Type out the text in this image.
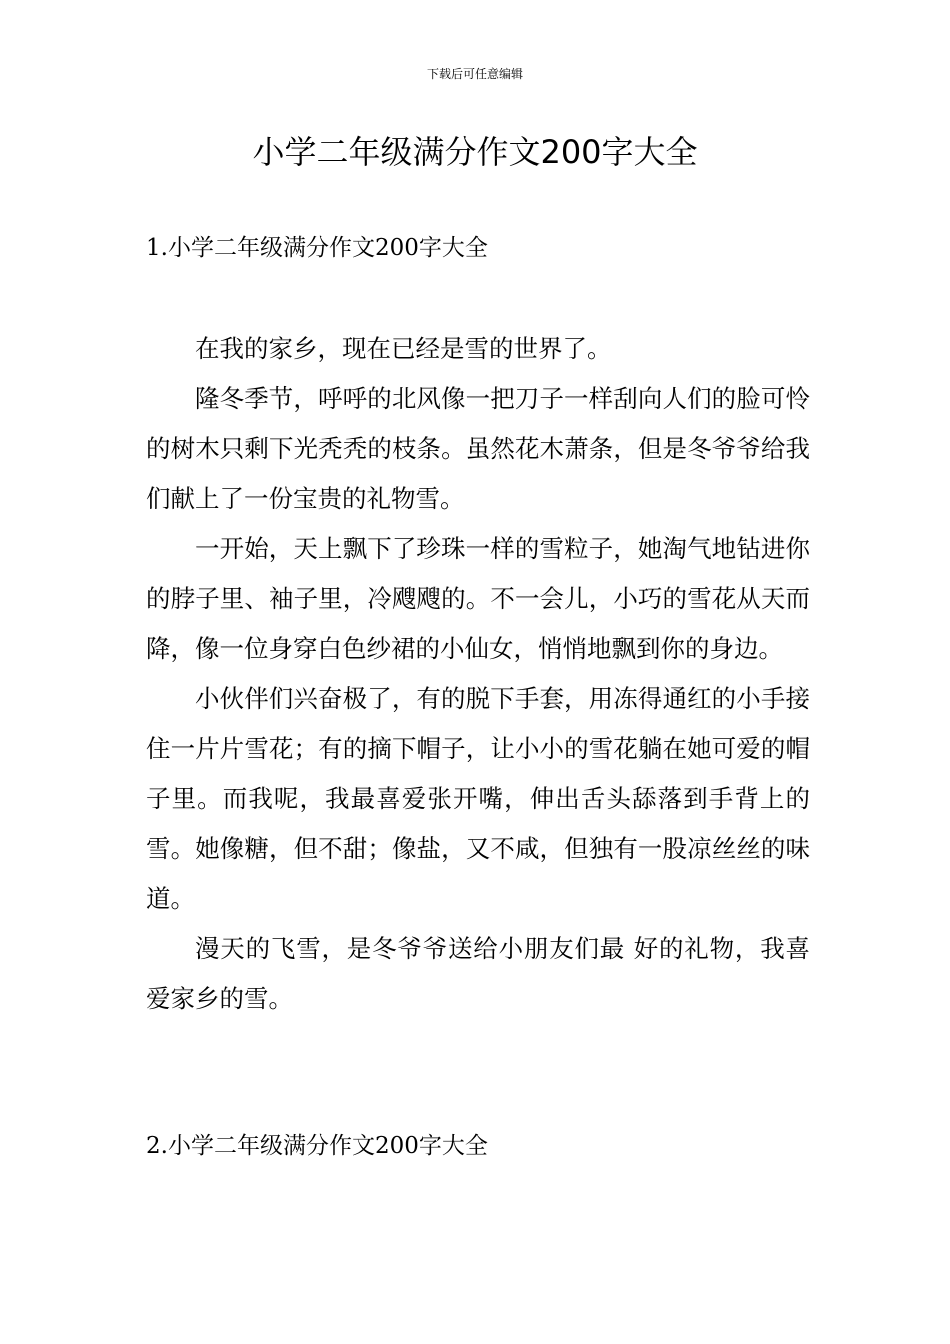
下载后可任意编辑
小学二年级满分作文200字大全
1.小学二年级满分作文200字大全

在我的家乡，现在已经是雪的世界了。

隆冬季节，呼呼的北风像一把刀子一样刮向人们的脸可怜的树木只剩下光秃秃的枝条。虽然花木萧条，但是冬爷爷给我们献上了一份宝贵的礼物雪。

一开始，天上飘下了珍珠一样的雪粒子，她淘气地钻进你的脖子里、袖子里，冷飕飕的。不一会儿，小巧的雪花从天而降，像一位身穿白色纱裙的小仙女，悄悄地飘到你的身边。

小伙伴们兴奋极了，有的脱下手套，用冻得通红的小手接住一片片雪花；有的摘下帽子，让小小的雪花躺在她可爱的帽子里。而我呢，我最喜爱张开嘴，伸出舌头舔落到手背上的雪。她像糖，但不甜；像盐，又不咸，但独有一股凉丝丝的味道。

漫天的飞雪，是冬爷爷送给小朋友们最 好的礼物，我喜爱家乡的雪。

2.小学二年级满分作文200字大全
